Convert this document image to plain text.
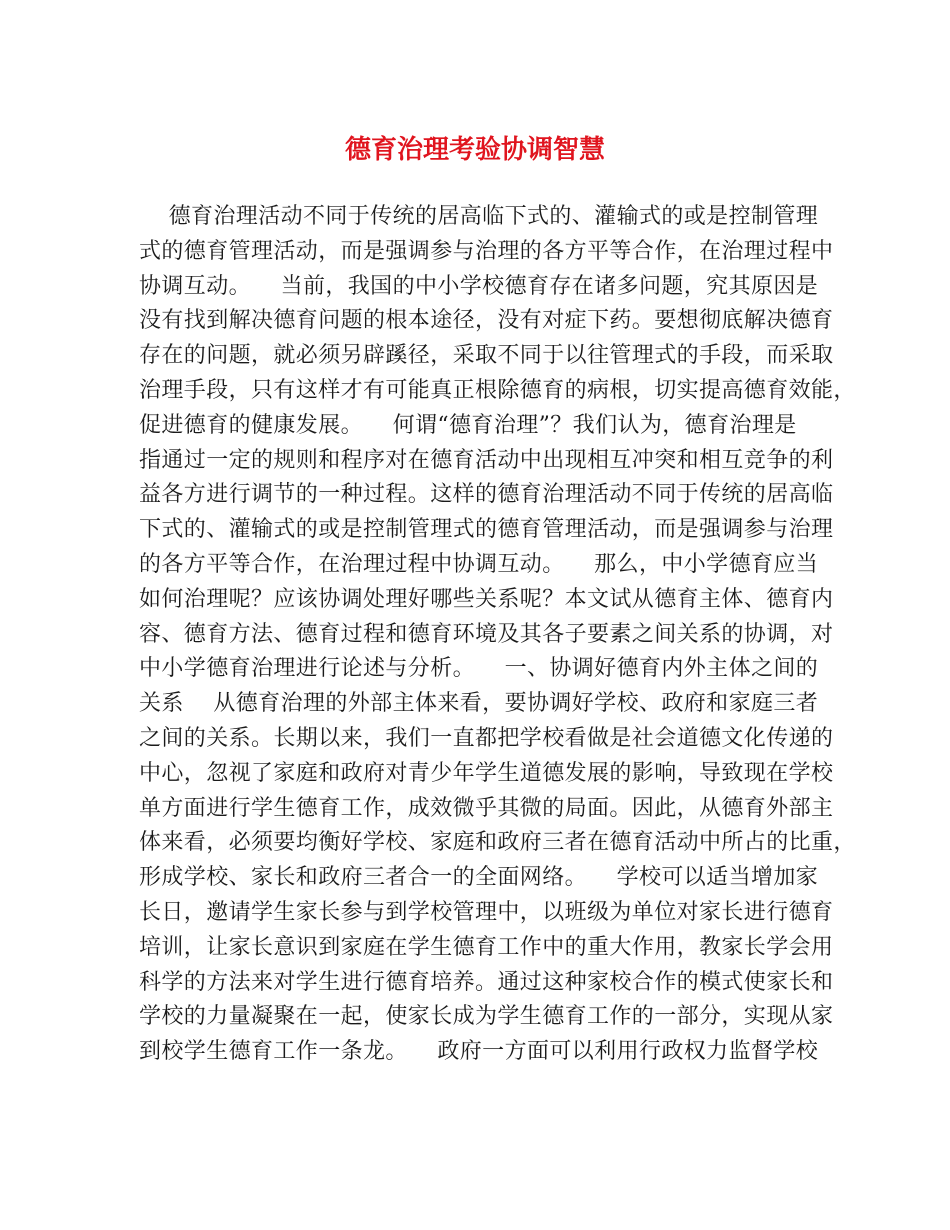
德育治理考验协调智慧
德育治理活动不同于传统的居高临下式的、灌输式的或是控制管理
式的德育管理活动，而是强调参与治理的各方平等合作，在治理过程中
协调互动。    当前，我国的中小学校德育存在诸多问题，究其原因是
没有找到解决德育问题的根本途径，没有对症下药。要想彻底解决德育
存在的问题，就必须另辟蹊径，采取不同于以往管理式的手段，而采取
治理手段，只有这样才有可能真正根除德育的病根，切实提高德育效能，
促进德育的健康发展。    何谓“德育治理”？我们认为，德育治理是
指通过一定的规则和程序对在德育活动中出现相互冲突和相互竞争的利
益各方进行调节的一种过程。这样的德育治理活动不同于传统的居高临
下式的、灌输式的或是控制管理式的德育管理活动，而是强调参与治理
的各方平等合作，在治理过程中协调互动。    那么，中小学德育应当
如何治理呢？应该协调处理好哪些关系呢？本文试从德育主体、德育内
容、德育方法、德育过程和德育环境及其各子要素之间关系的协调，对
中小学德育治理进行论述与分析。    一、协调好德育内外主体之间的
关系    从德育治理的外部主体来看，要协调好学校、政府和家庭三者
之间的关系。长期以来，我们一直都把学校看做是社会道德文化传递的
中心，忽视了家庭和政府对青少年学生道德发展的影响，导致现在学校
单方面进行学生德育工作，成效微乎其微的局面。因此，从德育外部主
体来看，必须要均衡好学校、家庭和政府三者在德育活动中所占的比重，
形成学校、家长和政府三者合一的全面网络。    学校可以适当增加家
长日，邀请学生家长参与到学校管理中，以班级为单位对家长进行德育
培训，让家长意识到家庭在学生德育工作中的重大作用，教家长学会用
科学的方法来对学生进行德育培养。通过这种家校合作的模式使家长和
学校的力量凝聚在一起，使家长成为学生德育工作的一部分，实现从家
到校学生德育工作一条龙。    政府一方面可以利用行政权力监督学校
